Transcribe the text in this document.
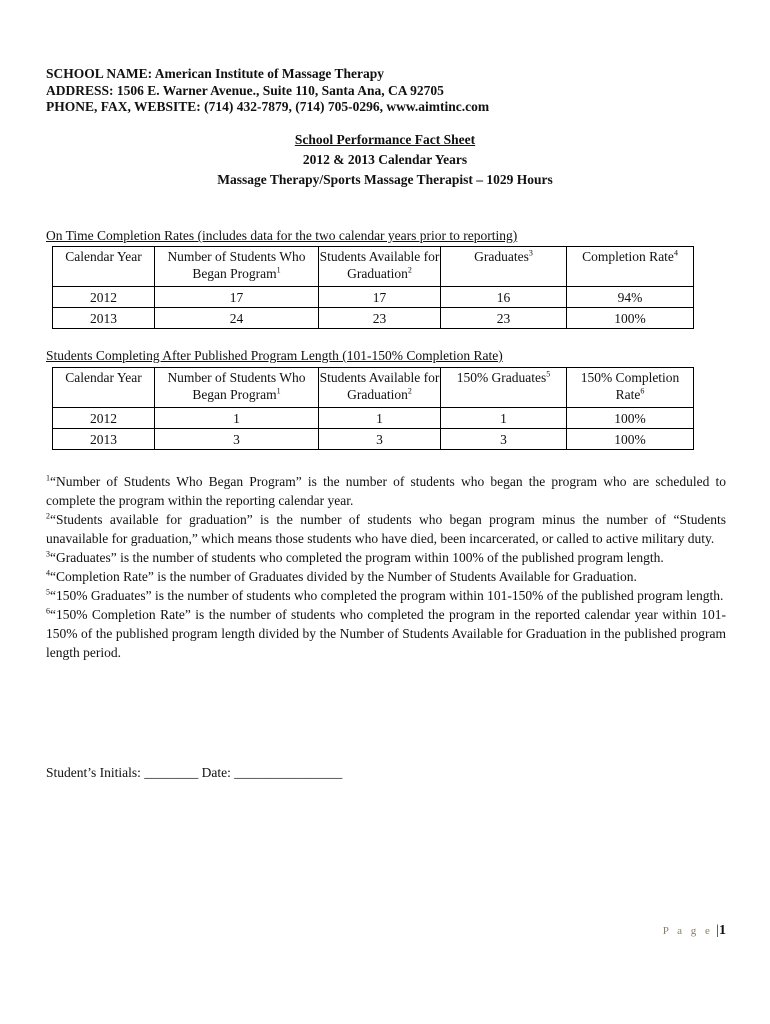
SCHOOL NAME: American Institute of Massage Therapy
ADDRESS: 1506 E. Warner Avenue., Suite 110, Santa Ana, CA 92705
PHONE, FAX, WEBSITE: (714) 432-7879, (714) 705-0296, www.aimtinc.com
School Performance Fact Sheet
2012 & 2013 Calendar Years
Massage Therapy/Sports Massage Therapist – 1029 Hours
On Time Completion Rates (includes data for the two calendar years prior to reporting)
Calendar Year	Number of Students Who Began Program$^1$	Students Available for Graduation$^2$	Graduates$^3$	Completion Rate$^4$
2012	17	17	16	94%
2013	24	23	23	100%
Students Completing After Published Program Length (101-150% Completion Rate)
Calendar Year	Number of Students Who Began Program$^1$	Students Available for Graduation$^2$	150% Graduates$^5$	150% Completion Rate$^6$
2012	1	1	1	100%
2013	3	3	3	100%

$^1$“Number of Students Who Began Program” is the number of students who began the program who are scheduled to complete the program within the reporting calendar year.

$^2$“Students available for graduation” is the number of students who began program minus the number of “Students unavailable for graduation,” which means those students who have died, been incarcerated, or called to active military duty.

$^3$“Graduates” is the number of students who completed the program within 100% of the published program length.

$^4$“Completion Rate” is the number of Graduates divided by the Number of Students Available for Graduation.

$^5$“150% Graduates” is the number of students who completed the program within 101-150% of the published program length.

$^6$“150% Completion Rate” is the number of students who completed the program in the reported calendar year within 101-150% of the published program length divided by the Number of Students Available for Graduation in the published program length period.

Student’s Initials: ________ Date: ________________
P a g e |1
